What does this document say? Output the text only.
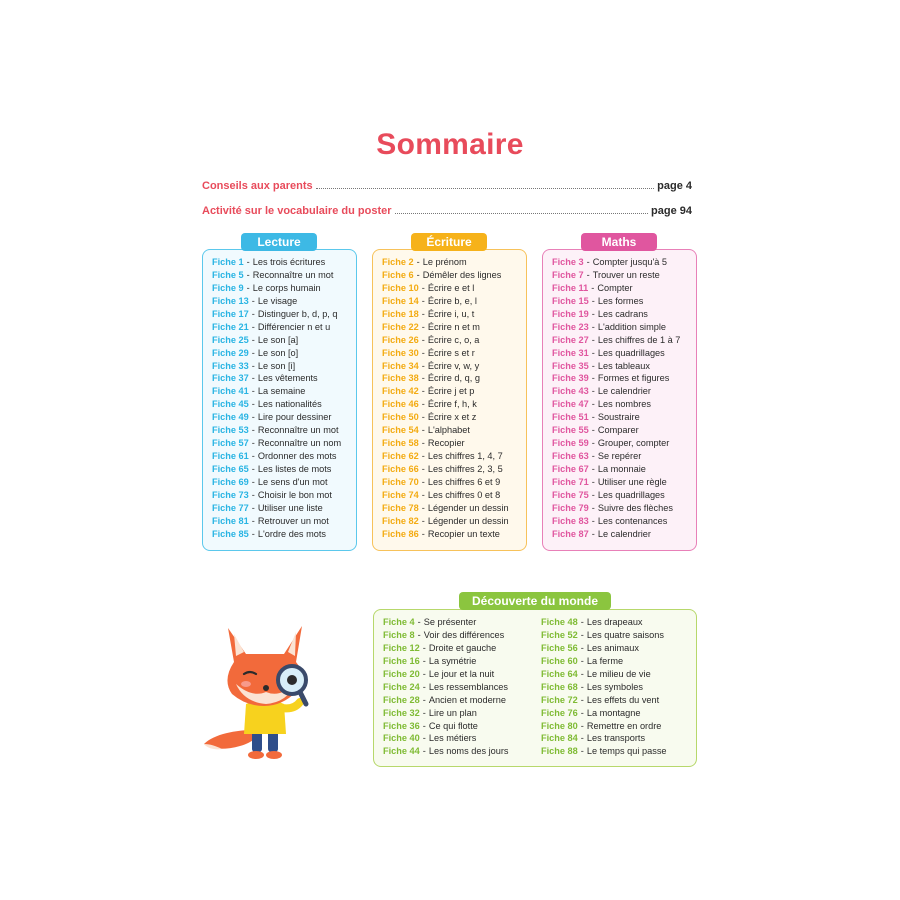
Sommaire
Conseils aux parents	page 4
Activité sur le vocabulaire du poster	page 94
Lecture
Fiche 1 - Les trois écritures
Fiche 5 - Reconnaître un mot
Fiche 9 - Le corps humain
Fiche 13 - Le visage
Fiche 17 - Distinguer b, d, p, q
Fiche 21 - Différencier n et u
Fiche 25 - Le son [a]
Fiche 29 - Le son [o]
Fiche 33 - Le son [i]
Fiche 37 - Les vêtements
Fiche 41 - La semaine
Fiche 45 - Les nationalités
Fiche 49 - Lire pour dessiner
Fiche 53 - Reconnaître un mot
Fiche 57 - Reconnaître un nom
Fiche 61 - Ordonner des mots
Fiche 65 - Les listes de mots
Fiche 69 - Le sens d'un mot
Fiche 73 - Choisir le bon mot
Fiche 77 - Utiliser une liste
Fiche 81 - Retrouver un mot
Fiche 85 - L'ordre des mots
Écriture
Fiche 2 - Le prénom
Fiche 6 - Démêler des lignes
Fiche 10 - Écrire e et l
Fiche 14 - Écrire b, e, l
Fiche 18 - Écrire i, u, t
Fiche 22 - Écrire n et m
Fiche 26 - Écrire c, o, a
Fiche 30 - Écrire s et r
Fiche 34 - Écrire v, w, y
Fiche 38 - Écrire d, q, g
Fiche 42 - Écrire j et p
Fiche 46 - Écrire f, h, k
Fiche 50 - Écrire x et z
Fiche 54 - L'alphabet
Fiche 58 - Recopier
Fiche 62 - Les chiffres 1, 4, 7
Fiche 66 - Les chiffres 2, 3, 5
Fiche 70 - Les chiffres 6 et 9
Fiche 74 - Les chiffres 0 et 8
Fiche 78 - Légender un dessin
Fiche 82 - Légender un dessin
Fiche 86 - Recopier un texte
Maths
Fiche 3 - Compter jusqu'à 5
Fiche 7 - Trouver un reste
Fiche 11 - Compter
Fiche 15 - Les formes
Fiche 19 - Les cadrans
Fiche 23 - L'addition simple
Fiche 27 - Les chiffres de 1 à 7
Fiche 31 - Les quadrillages
Fiche 35 - Les tableaux
Fiche 39 - Formes et figures
Fiche 43 - Le calendrier
Fiche 47 - Les nombres
Fiche 51 - Soustraire
Fiche 55 - Comparer
Fiche 59 - Grouper, compter
Fiche 63 - Se repérer
Fiche 67 - La monnaie
Fiche 71 - Utiliser une règle
Fiche 75 - Les quadrillages
Fiche 79 - Suivre des flèches
Fiche 83 - Les contenances
Fiche 87 - Le calendrier
Découverte du monde
Fiche 4 - Se présenter
Fiche 8 - Voir des différences
Fiche 12 - Droite et gauche
Fiche 16 - La symétrie
Fiche 20 - Le jour et la nuit
Fiche 24 - Les ressemblances
Fiche 28 - Ancien et moderne
Fiche 32 - Lire un plan
Fiche 36 - Ce qui flotte
Fiche 40 - Les métiers
Fiche 44 - Les noms des jours
Fiche 48 - Les drapeaux
Fiche 52 - Les quatre saisons
Fiche 56 - Les animaux
Fiche 60 - La ferme
Fiche 64 - Le milieu de vie
Fiche 68 - Les symboles
Fiche 72 - Les effets du vent
Fiche 76 - La montagne
Fiche 80 - Remettre en ordre
Fiche 84 - Les transports
Fiche 88 - Le temps qui passe
